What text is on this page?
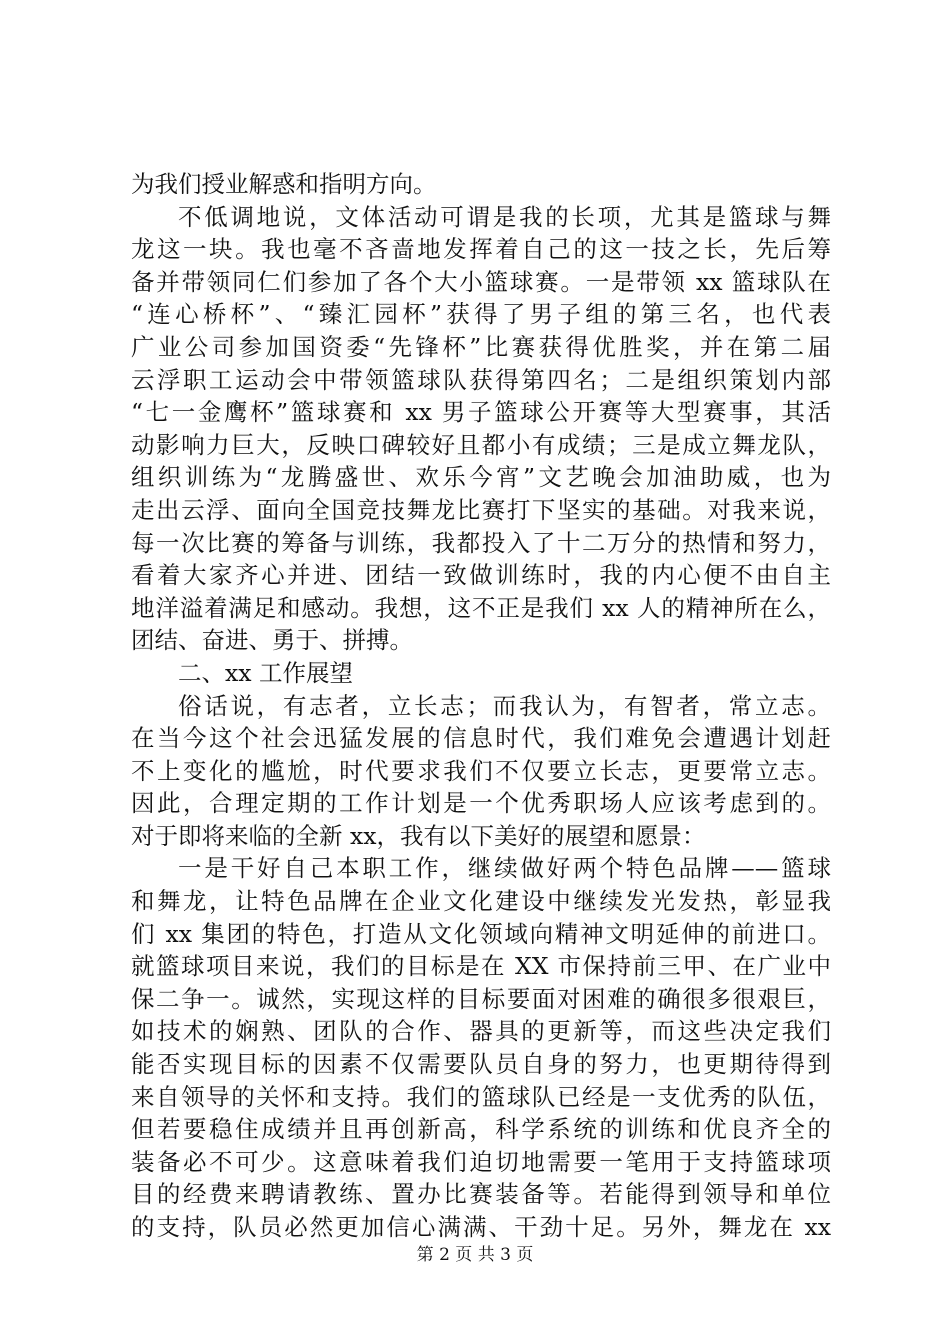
为我们授业解惑和指明方向。
不低调地说，文体活动可谓是我的长项，尤其是篮球与舞
龙这一块。我也毫不吝啬地发挥着自己的这一技之长，先后筹
备并带领同仁们参加了各个大小篮球赛。一是带领 xx 篮球队在
“连心桥杯”、“臻汇园杯”获得了男子组的第三名，也代表
广业公司参加国资委“先锋杯”比赛获得优胜奖，并在第二届
云浮职工运动会中带领篮球队获得第四名；二是组织策划内部
“七一金鹰杯”篮球赛和 xx 男子篮球公开赛等大型赛事，其活
动影响力巨大，反映口碑较好且都小有成绩；三是成立舞龙队，
组织训练为“龙腾盛世、欢乐今宵”文艺晚会加油助威，也为
走出云浮、面向全国竞技舞龙比赛打下坚实的基础。对我来说，
每一次比赛的筹备与训练，我都投入了十二万分的热情和努力，
看着大家齐心并进、团结一致做训练时，我的内心便不由自主
地洋溢着满足和感动。我想，这不正是我们 xx 人的精神所在么，
团结、奋进、勇于、拼搏。
二、xx 工作展望
俗话说，有志者，立长志；而我认为，有智者，常立志。
在当今这个社会迅猛发展的信息时代，我们难免会遭遇计划赶
不上变化的尴尬，时代要求我们不仅要立长志，更要常立志。
因此，合理定期的工作计划是一个优秀职场人应该考虑到的。
对于即将来临的全新 xx，我有以下美好的展望和愿景：
一是干好自己本职工作，继续做好两个特色品牌——篮球
和舞龙，让特色品牌在企业文化建设中继续发光发热，彰显我
们 xx 集团的特色，打造从文化领域向精神文明延伸的前进口。
就篮球项目来说，我们的目标是在 XX 市保持前三甲、在广业中
保二争一。诚然，实现这样的目标要面对困难的确很多很艰巨，
如技术的娴熟、团队的合作、器具的更新等，而这些决定我们
能否实现目标的因素不仅需要队员自身的努力，也更期待得到
来自领导的关怀和支持。我们的篮球队已经是一支优秀的队伍，
但若要稳住成绩并且再创新高，科学系统的训练和优良齐全的
装备必不可少。这意味着我们迫切地需要一笔用于支持篮球项
目的经费来聘请教练、置办比赛装备等。若能得到领导和单位
的支持，队员必然更加信心满满、干劲十足。另外，舞龙在 xx
第 2 页 共 3 页
